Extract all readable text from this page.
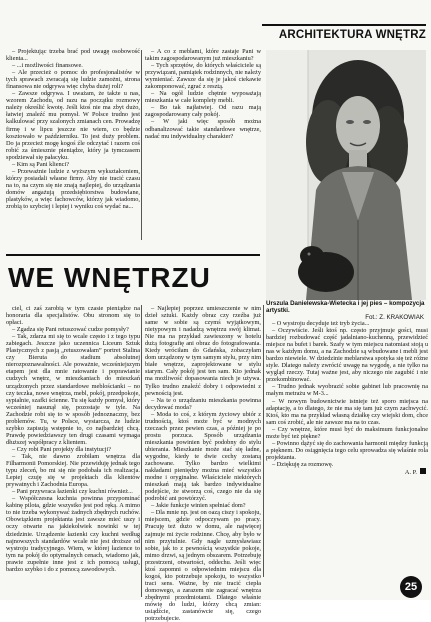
ARCHITEKTURA WNĘTRZ

– Projektując trzeba brać pod uwagę osobowość klienta...

– ...i możliwości finansowe.

– Ale przecież o pomoc do profesjonalistów w tych sprawach zwracają się ludzie zamożni, strona finansowa nie odgrywa więc chyba dużej roli?

– Zawsze odgrywa. I uważam, że także u nas, wzorem Zachodu, od razu na początku rozmowy należy określić kwotę. Jeśli ktoś nie ma zbyt dużo, łatwiej znaleźć mu pomysł. W Polsce trudno jest kalkulować przy szalonych zmianach cen. Prowadzę firmę i w lipcu jeszcze nie wiem, co będzie kosztowało w październiku. To jest duży problem. Do ja przecież mogę kogoś źle odczytać i razem coś robić za śmiesznie pieniądze, który ja tymczasem spodziewał się pałacyku.

– Kim są Pani klienci?

– Przeważnie ludzie z wyższym wykształceniem, którzy posiadali własne firmy. Aby nie tracić czasu na to, na czym się nie znają najlepiej, do urządzania domów angażują przedsiębiorstwa budowlane, plastyków, a więc fachowców, którzy jak wiadomo, zrobią to szybciej i lepiej i wyniku coś wydać na...

– A co z meblami, które zastaje Pani w takim zagospodarowanym już mieszkaniu?

– Tych sprzętów, do których właściciele są przywiązani, pamiątek rodzinnych, nie należy wymieniać. Zawsze da się je jakoś ciekawie zakomponować, zgrać z resztą.

– Na ogół ludzie chętnie wyposażają mieszkania w całe komplety mebli.

– Bo tak najłatwiej. Od razu mają zagospodarowany cały pokój.

– W jaki więc sposób można odbanalizować takie standardowe wnętrze, nadać mu indywidualny charakter?

Urszula Danielewska-Wietecka i jej pies – kompozycja artystki.
Fot.: Z. KRAKOWIAK
WE WNĘTRZU

ciel, ci zaś zarobią w tym czasie pieniądze na honoraria dla specjalistów. Obu stronom się to opłaci.

– Zgadza się Pani retuszować cudze pomysły?

– Tak, zdarza mi się to wcale często i z tego typu zabiegach. Jeszcze jako uczennica Liceum Sztuk Plastycznych z pasją „retuszowałam” portret Stalina czy Bieruta do stadium absolutnej nierozpoznawalności. Ale poważnie, wcześniejszym etapem jest dla mnie ratowanie i poprawianie cudzych wnętrz, w mieszkaniach do mieszkań urządzonych przez standardowe meblościanki – no czy teczka, nowe wnętrza, mebl, pokój, przedpokoje, sypialnie, szafki ścienne. Tu się każdy pomysł, który wcześniej nasunął się, pozostaje w tyle. Na Zachodzie robi się to w sposób jednoznaczny, bez problemów. Tu, w Polsce, wystarcza, że ludzie szybko zapisują wstępnie to, co najbardziej chcą. Prawdę powiedziawszy ten drugi czasami wymaga dłuższej współpracy z klientem.

– Czy robi Pani projekty dla instytucji?

– Tak, nie dawno zrobiłam wnętrza dla Filharmonii Pomorskiej. Nie przewiduję jednak tego typu zleceń, bo mi się nie podobała ich realizacja. Lepiej czuję się w projektach dla klientów prywatnych i Zachodnia Europa.

– Pani przywraca łazienki czy kuchni również...

– Współczesna kuchnia powinna przypominać kabinę pilota, gdzie wszystko jest pod ręką. A mimo to nie trzeba wykonywać żadnych zbędnych ruchów. Obowiązkiem projektanta jest zawsze mieć uszy i oczy otwarte na jakiekolwiek nowinki w tej dziedzinie. Urządzenie łazienki czy kuchni według najnowszych standardów wcale nie jest droższe od wystroju tradycyjnego. Wiem, w której łazience to tym na pokój do optymalnych cenach, wiadomo jak, prawie zupełnie inne jest z ich pomocą usługi, bardzo szybko i do z pomocą zawodowych.

– Najlepiej poprzez umieszczenie w nim dzieł sztuki. Każdy obraz czy rzeźba już same w sobie są czymś wyjątkowym, nietypowym i nadadzą wnętrzu swój klimat. Nie ma na przykład zawieszony w hotelu dużą fotografię ani obraz do fotografowania. Kiedy wróciłam do Gdańska, zobaczyłam dom urządzony w tym samym stylu, przy nim białe wnętrze, zaprojektowane w stylu starym. Cały pokój jest ten sam. Kto jednak ma możliwość dopasowania niech je używa. Tylko trudno znaleźć dobry i odpowiedni z pewnością jest.

– Na te o urządzaniu mieszkania powinna decydować moda?

– Moda to coś, z którym życiowy ubiór z trudnością, ktoś może być w modnych rzeczach przez pewien czas, a później je po prostu porzuca. Sposób urządzania mieszkania powinien być podobny do stylu ubierania. Mieszkanie może stać się ładne, wygodne, kiedy te dwie cechy zostaną zachowane. Tylko bardzo wielkimi nakładami pieniędzy można mieć wszystko modne i oryginalne. Właściciele niektórych mieszkań mają tak bardzo indywidualne podejście, że stworzą coś, czego nie da się podrobić ani powtórzyć.

– Jakie funkcje winien spełniać dom?

– Dla mnie np. jest on oazą ciszy i spokoju, miejscem, gdzie odpoczywam po pracy. Pracuję też dużo w domu, ale najwięcej zajmuje mi życie rodzinne. Chcę, aby było w nim przytulnie. Gdy nagle uzmysławiasz sobie, jak to z pewnością wszystkie pokoje, mimo drzwi, są jednym obszarem. Potrzebuję przestrzeni, otwartości, oddechu. Jeśli więc ktoś zapomni o odpowiednim miejscu dla kogoś, kto potrzebuje spokoju, to wszystko traci sens. Ważne, by nie tracić ciepła domowego, a zarazem nie zagracać wnętrza zbędnymi przedmiotami. Dlatego właśnie mówię do ludzi, którzy chcą zmian: usiądźcie, zastanówcie się, czego potrzebujecie.

– O wystroju decyduje też tryb życia...

– Oczywiście. Jeśli ktoś np. często przyjmuje gości, musi bardziej rozbudować część jadalniano-kuchenną, przewidzieć miejsce na bufet i barek. Szafy w tym miejscu natomiast stoją u nas w każdym domu, a na Zachodzie są wbudowane i mebli jest bardzo niewiele. W dziedzinie meblarstwa spotyka się też różne style. Dlatego należy zwrócić uwagę na wygodę, a nie tylko na wygląd rzeczy. Tutaj ważne jest, aby niczego nie zagubić i nie przekombinować.

– Trudno jednak wyobrazić sobie gabinet lub pracownię na małym metrażu w M-3...

– W nowym budownictwie istnieje też sporo miejsca na adaptację, a to dlatego, że nie ma się tam już czym zachwycić. Ktoś, kto ma na przykład własną działkę czy wiejski dom, chce sam coś zrobić, ale nie zawsze ma na to czas.

– Czy wnętrze, które musi być do maksimum funkcjonalne może być też piękne?

– Powinno dążyć się do zachowania harmonii między funkcją a pięknem. Do osiągnięcia tego celu sprowadza się właśnie rola projektanta.

– Dziękuję za rozmowę.

A. P.

25
